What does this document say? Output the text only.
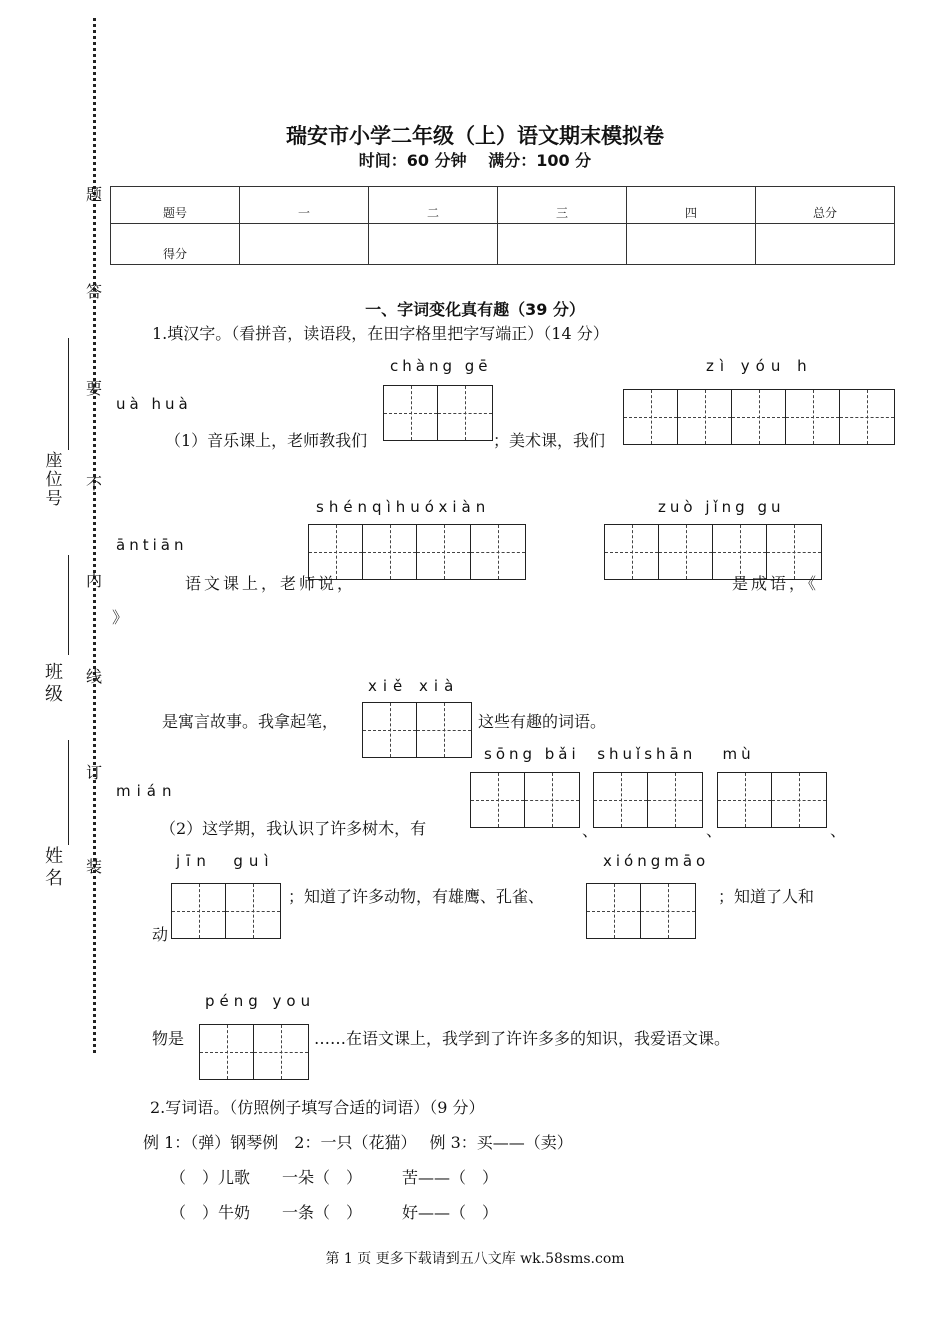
题
答
要
不
内
线
订
装
座
位
号
班
级
姓
名
瑞安市小学二年级（上）语文期末模拟卷
时间：60 分钟　 满分：100 分
题号	一	二	三	四	总分
得分					
一、字词变化真有趣（39 分）
1.填汉字。（看拼音，读语段，在田字格里把字写端正）（14 分）
chàng gē	zì yóu h
uà huà
（1）音乐课上，老师教我们	；美术课，我们
shénqìhuóxiàn	zuò jǐng gu
āntiān
语文课上，老师说，	是成语，《
》
xiě xià
是寓言故事。我拿起笔，	这些有趣的词语。
sōng bǎi  shuǐshān   mù
mián
（2）这学期，我认识了许多树木，有	、	、	、
jīn  guì	xióngmāo
；知道了许多动物，有雄鹰、孔雀、	；知道了人和
动
péng you
物是	……在语文课上，我学到了许许多多的知识，我爱语文课。
2.写词语。（仿照例子填写合适的词语）（9 分）
例 1：（弹）钢琴例　2：一只（花猫）　 例 3：买——（卖）
（　）儿歌　　一朵（　）　　　苦——（　）
（　）牛奶　　一条（　）　　　好——（　）
第 1 页 更多下载请到五八文库 wk.58sms.com
